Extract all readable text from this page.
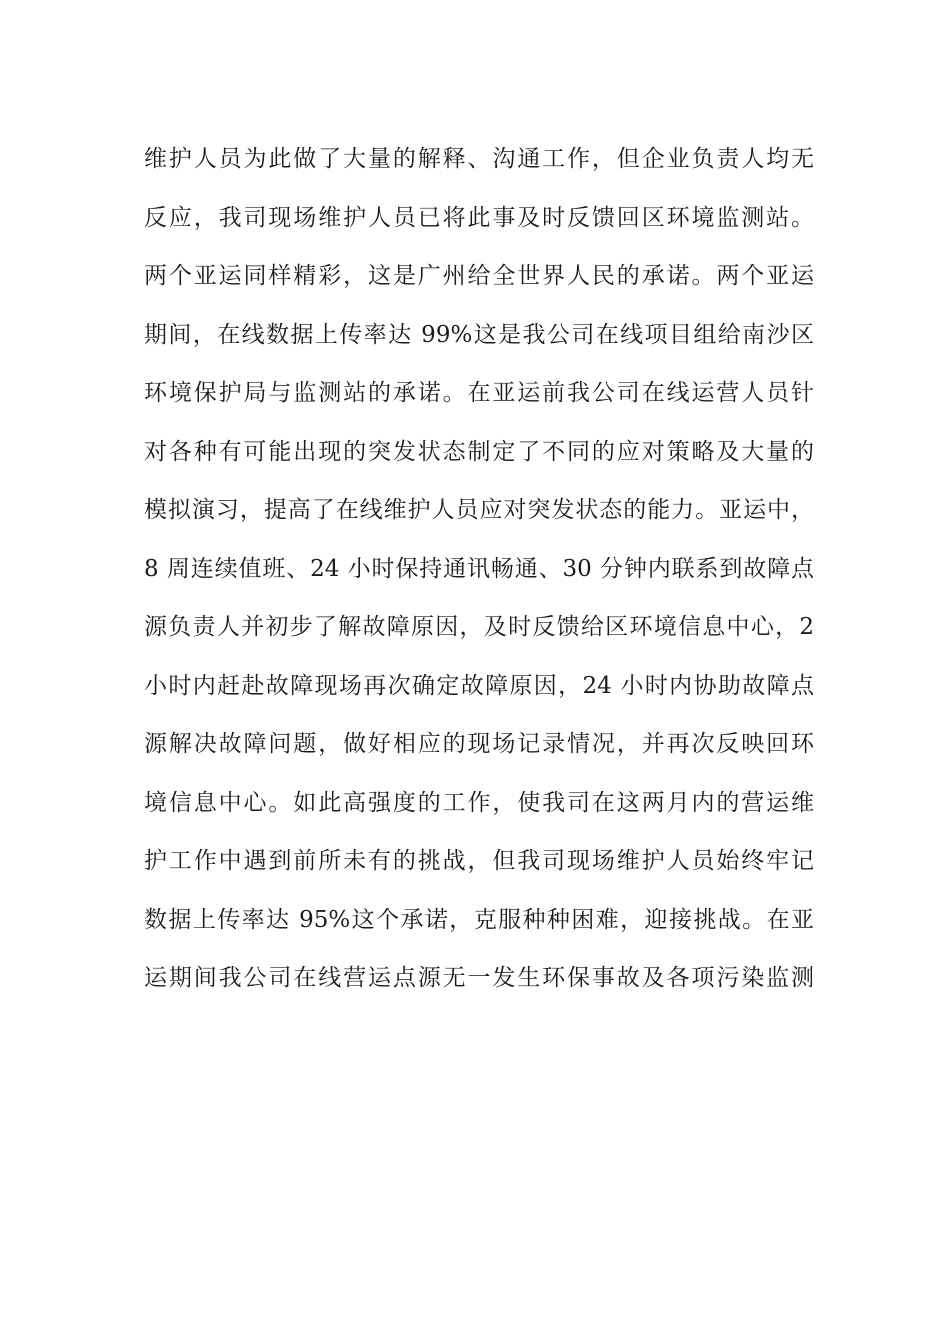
维护人员为此做了大量的解释、沟通工作，但企业负责人均无
反应，我司现场维护人员已将此事及时反馈回区环境监测站。
两个亚运同样精彩，这是广州给全世界人民的承诺。两个亚运
期间，在线数据上传率达 99%这是我公司在线项目组给南沙区
环境保护局与监测站的承诺。在亚运前我公司在线运营人员针
对各种有可能出现的突发状态制定了不同的应对策略及大量的
模拟演习，提高了在线维护人员应对突发状态的能力。亚运中，
8 周连续值班、24 小时保持通讯畅通、30 分钟内联系到故障点
源负责人并初步了解故障原因，及时反馈给区环境信息中心，2
小时内赶赴故障现场再次确定故障原因，24 小时内协助故障点
源解决故障问题，做好相应的现场记录情况，并再次反映回环
境信息中心。如此高强度的工作，使我司在这两月内的营运维
护工作中遇到前所未有的挑战，但我司现场维护人员始终牢记
数据上传率达 95%这个承诺，克服种种困难，迎接挑战。在亚
运期间我公司在线营运点源无一发生环保事故及各项污染监测
